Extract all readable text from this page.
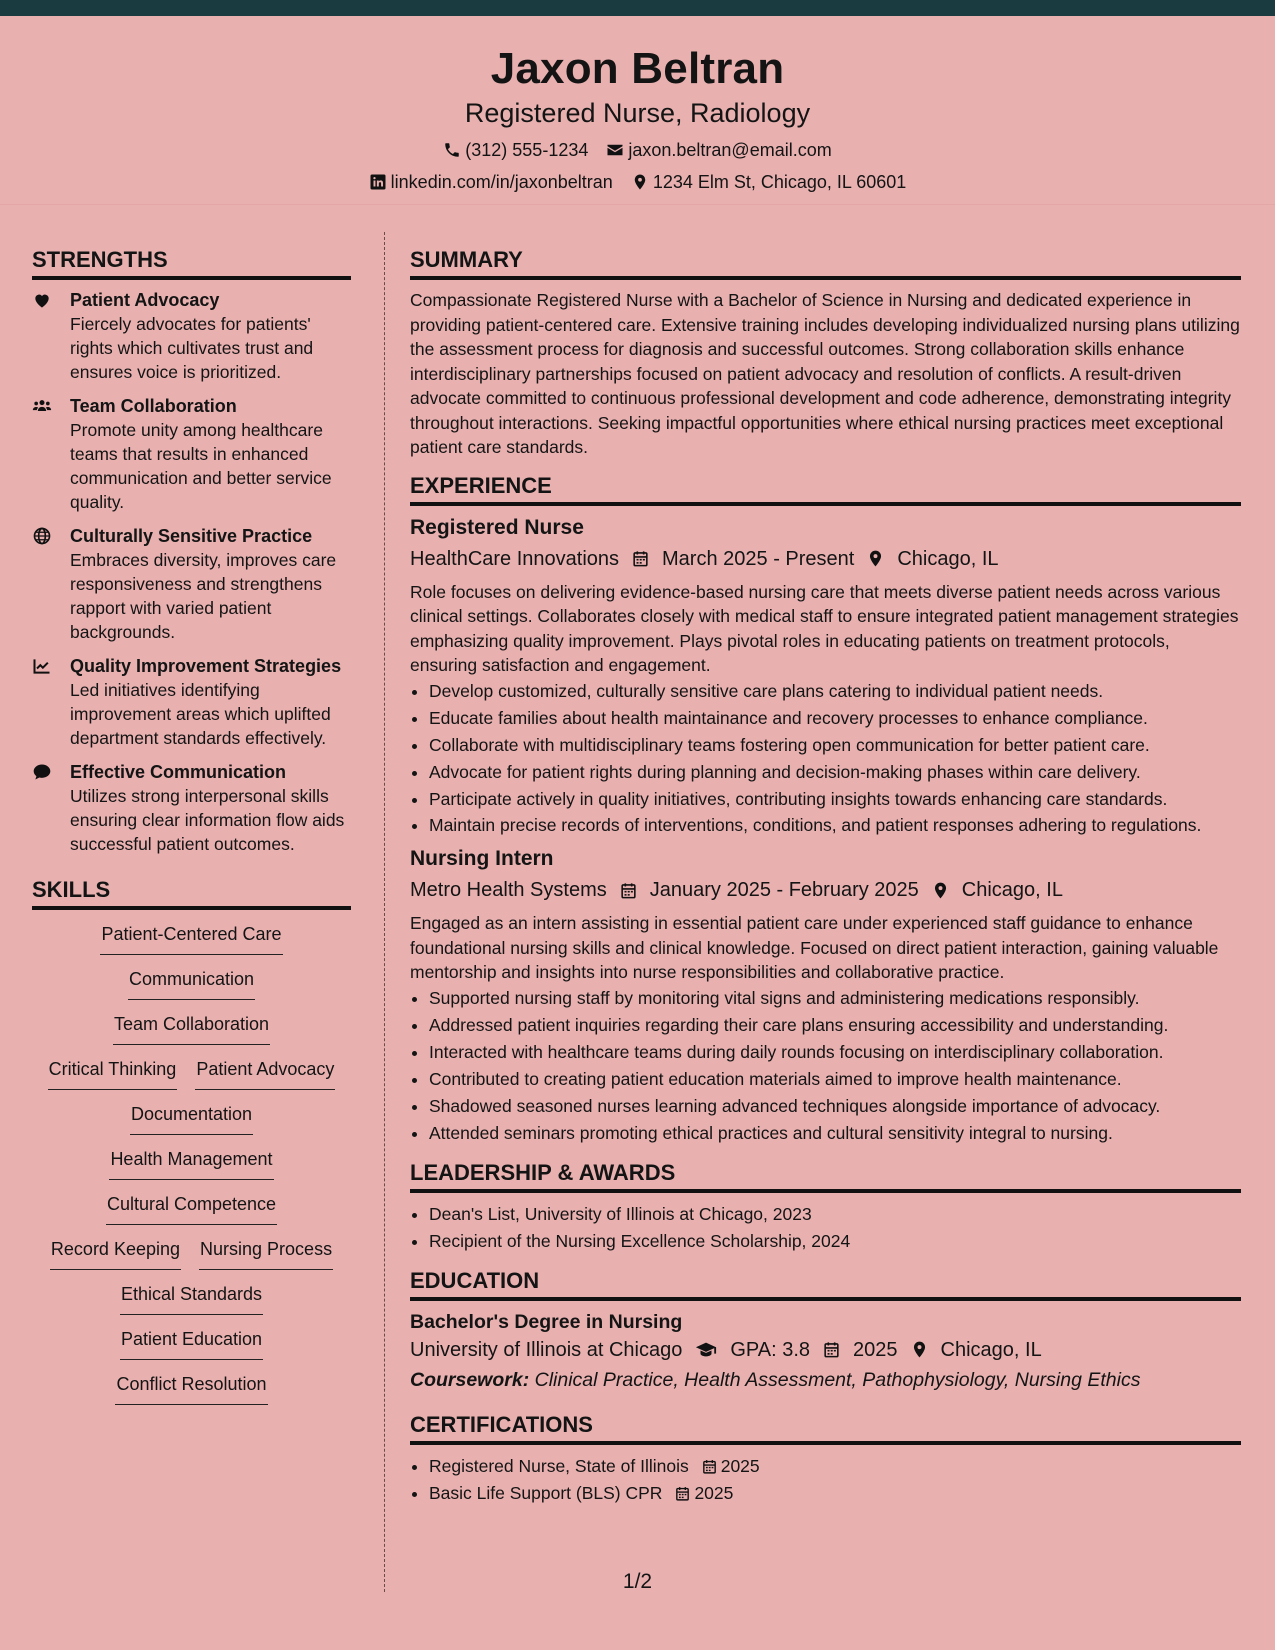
Jaxon Beltran
Registered Nurse, Radiology
(312) 555-1234 jaxon.beltran@email.com
linkedin.com/in/jaxonbeltran 1234 Elm St, Chicago, IL 60601
STRENGTHS
Patient Advocacy
Fiercely advocates for patients' rights which cultivates trust and ensures voice is prioritized.
Team Collaboration
Promote unity among healthcare teams that results in enhanced communication and better service quality.
Culturally Sensitive Practice
Embraces diversity, improves care responsiveness and strengthens rapport with varied patient backgrounds.
Quality Improvement Strategies
Led initiatives identifying improvement areas which uplifted department standards effectively.
Effective Communication
Utilizes strong interpersonal skills ensuring clear information flow aids successful patient outcomes.
SKILLS
Patient-Centered Care
Communication
Team Collaboration
Critical Thinking Patient Advocacy
Documentation
Health Management
Cultural Competence
Record Keeping Nursing Process
Ethical Standards
Patient Education
Conflict Resolution
SUMMARY

Compassionate Registered Nurse with a Bachelor of Science in Nursing and dedicated experience in providing patient-centered care. Extensive training includes developing individualized nursing plans utilizing the assessment process for diagnosis and successful outcomes. Strong collaboration skills enhance interdisciplinary partnerships focused on patient advocacy and resolution of conflicts. A result-driven advocate committed to continuous professional development and code adherence, demonstrating integrity throughout interactions. Seeking impactful opportunities where ethical nursing practices meet exceptional patient care standards.

EXPERIENCE
Registered Nurse
HealthCare Innovations March 2025 - Present Chicago, IL

Role focuses on delivering evidence-based nursing care that meets diverse patient needs across various clinical settings. Collaborates closely with medical staff to ensure integrated patient management strategies emphasizing quality improvement. Plays pivotal roles in educating patients on treatment protocols, ensuring satisfaction and engagement.

• Develop customized, culturally sensitive care plans catering to individual patient needs.
• Educate families about health maintainance and recovery processes to enhance compliance.
• Collaborate with multidisciplinary teams fostering open communication for better patient care.
• Advocate for patient rights during planning and decision-making phases within care delivery.
• Participate actively in quality initiatives, contributing insights towards enhancing care standards.
• Maintain precise records of interventions, conditions, and patient responses adhering to regulations.
Nursing Intern
Metro Health Systems January 2025 - February 2025 Chicago, IL

Engaged as an intern assisting in essential patient care under experienced staff guidance to enhance foundational nursing skills and clinical knowledge. Focused on direct patient interaction, gaining valuable mentorship and insights into nurse responsibilities and collaborative practice.

• Supported nursing staff by monitoring vital signs and administering medications responsibly.
• Addressed patient inquiries regarding their care plans ensuring accessibility and understanding.
• Interacted with healthcare teams during daily rounds focusing on interdisciplinary collaboration.
• Contributed to creating patient education materials aimed to improve health maintenance.
• Shadowed seasoned nurses learning advanced techniques alongside importance of advocacy.
• Attended seminars promoting ethical practices and cultural sensitivity integral to nursing.
LEADERSHIP & AWARDS
• Dean's List, University of Illinois at Chicago, 2023
• Recipient of the Nursing Excellence Scholarship, 2024
EDUCATION
Bachelor's Degree in Nursing
University of Illinois at Chicago GPA: 3.8 2025 Chicago, IL
Coursework: Clinical Practice, Health Assessment, Pathophysiology, Nursing Ethics
CERTIFICATIONS
• Registered Nurse, State of Illinois 2025
• Basic Life Support (BLS) CPR 2025
1/2
